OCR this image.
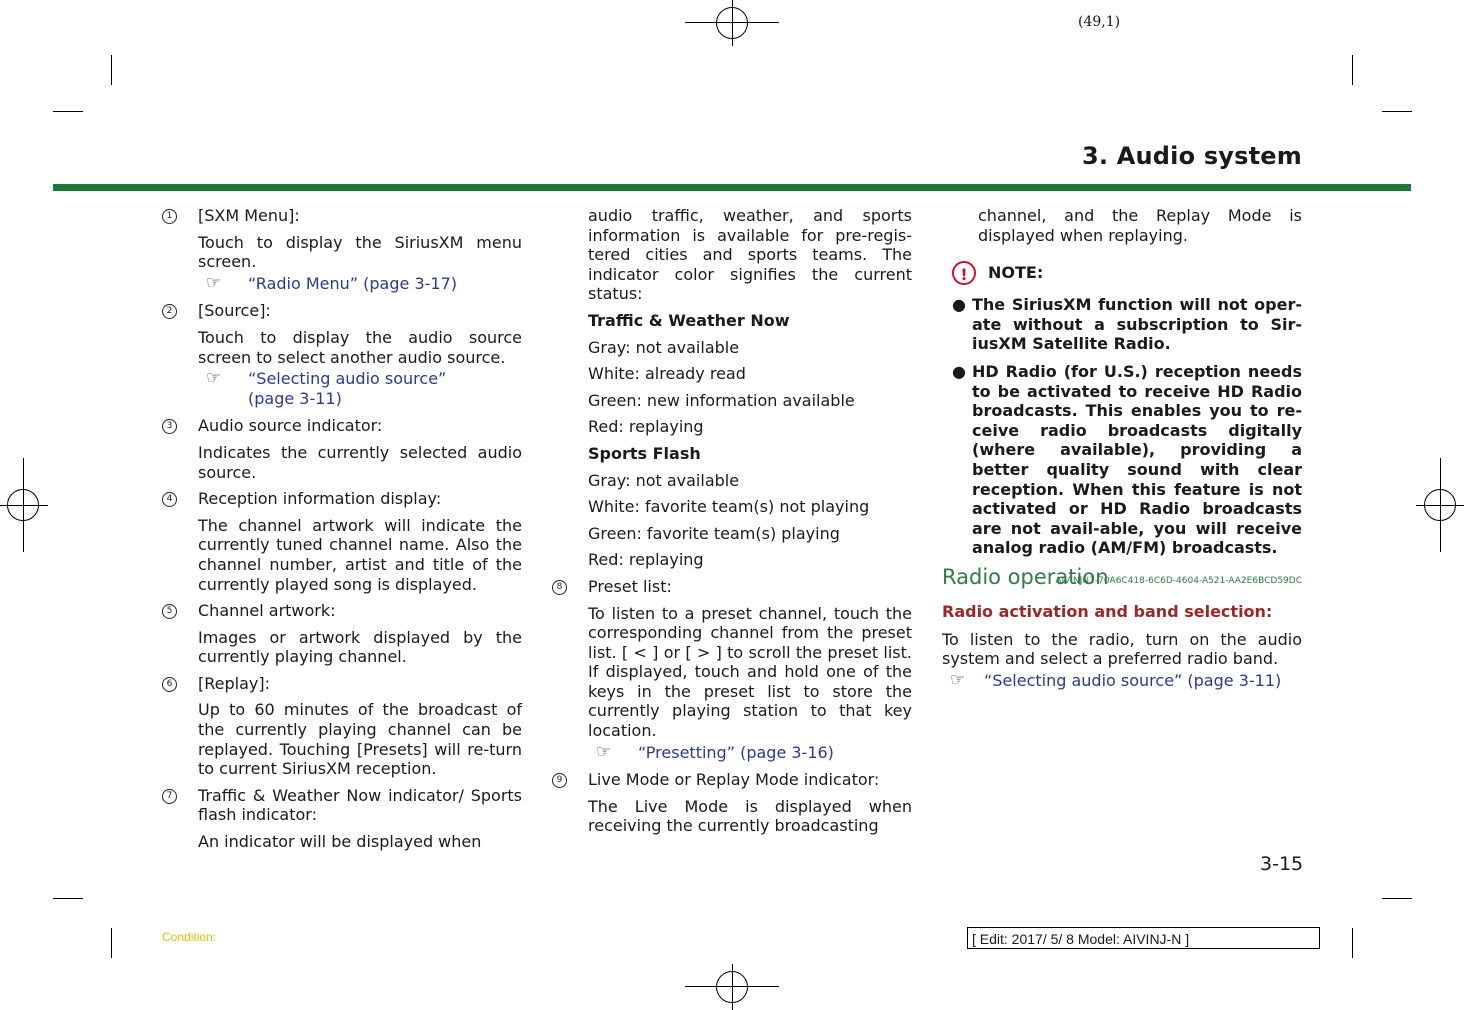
(49,1)
3. Audio system
1 [SXM Menu]:

Touch to display the SiriusXM menu screen.

☞ “Radio Menu” (page 3-17)
2 [Source]:

Touch to display the audio source screen to select another audio source.

☞	“Selecting audio source”
(page 3-11)
3 Audio source indicator:

Indicates the currently selected audio source.

4 Reception information display:

The channel artwork will indicate the currently tuned channel name. Also the channel number, artist and title of the currently played song is displayed.

5 Channel artwork:

Images or artwork displayed by the currently playing channel.

6 [Replay]:

Up to 60 minutes of the broadcast of the currently playing channel can be replayed. Touching [Presets] will re-turn to current SiriusXM reception.

7 Traffic & Weather Now indicator/ Sports flash indicator:

An indicator will be displayed when

audio traffic, weather, and sports information is available for pre-regis-tered cities and sports teams. The indicator color signifies the current status:

Traffic & Weather Now

Gray: not available

White: already read

Green: new information available

Red: replaying

Sports Flash

Gray: not available

White: favorite team(s) not playing

Green: favorite team(s) playing

Red: replaying

8 Preset list:

To listen to a preset channel, touch the corresponding channel from the preset list. [ < ] or [ > ] to scroll the preset list. If displayed, touch and hold one of the keys in the preset list to store the currently playing station to that key location.

☞ “Presetting” (page 3-16)
9 Live Mode or Replay Mode indicator:

The Live Mode is displayed when receiving the currently broadcasting

channel, and the Replay Mode is displayed when replaying.

!	NOTE:
● The SiriusXM function will not oper-ate without a subscription to Sir-iusXM Satellite Radio.
● HD Radio (for U.S.) reception needs to be activated to receive HD Radio broadcasts. This enables you to re-ceive radio broadcasts digitally (where available), providing a better quality sound with clear reception. When this feature is not activated or HD Radio broadcasts are not avail-able, you will receive analog radio (AM/FM) broadcasts.
Radio operation
AIVINJN1-70A6C418-6C6D-4604-A521-AA2E6BCD59DC
Radio activation and band selection:

To listen to the radio, turn on the audio system and select a preferred radio band.

☞ “Selecting audio source” (page 3-11)
3-15
Condition:	[ Edit: 2017/ 5/ 8 Model: AIVINJ-N ]
